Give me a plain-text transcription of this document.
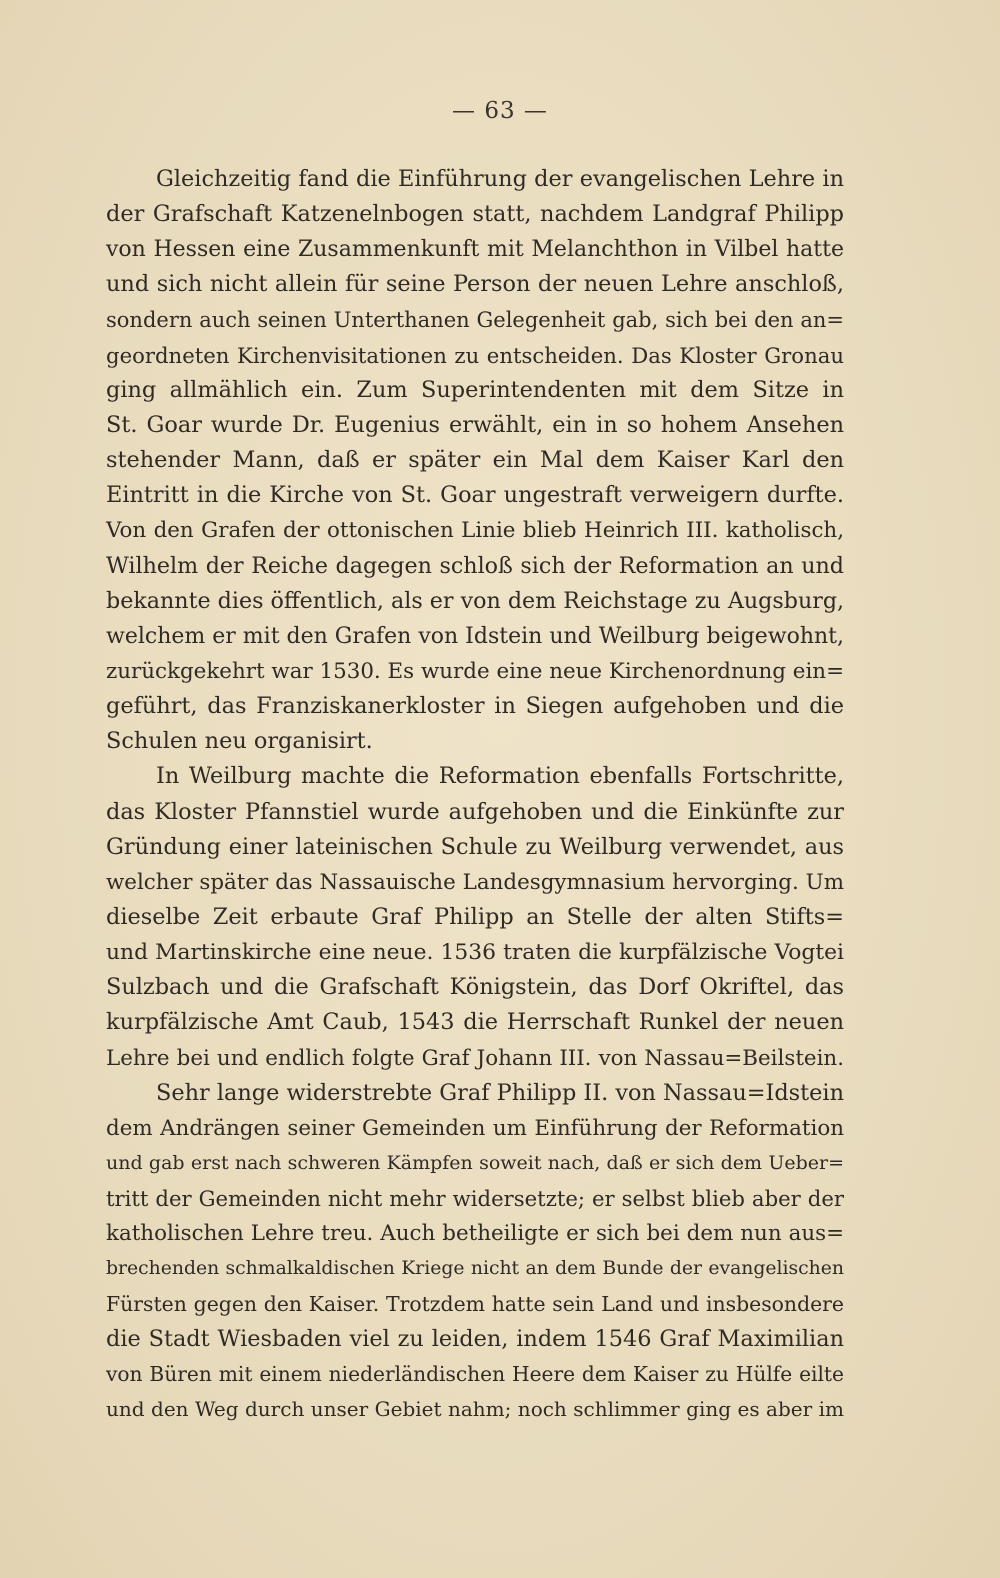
— 63 —
Gleichzeitig fand die Einführung der evangelischen Lehre in
der Grafschaft Katzenelnbogen statt, nachdem Landgraf Philipp
von Hessen eine Zusammenkunft mit Melanchthon in Vilbel hatte
und sich nicht allein für seine Person der neuen Lehre anschloß,
sondern auch seinen Unterthanen Gelegenheit gab, sich bei den an=
geordneten Kirchenvisitationen zu entscheiden. Das Kloster Gronau
ging allmählich ein. Zum Superintendenten mit dem Sitze in
St. Goar wurde Dr. Eugenius erwählt, ein in so hohem Ansehen
stehender Mann, daß er später ein Mal dem Kaiser Karl den
Eintritt in die Kirche von St. Goar ungestraft verweigern durfte.
Von den Grafen der ottonischen Linie blieb Heinrich III. katholisch,
Wilhelm der Reiche dagegen schloß sich der Reformation an und
bekannte dies öffentlich, als er von dem Reichstage zu Augsburg,
welchem er mit den Grafen von Idstein und Weilburg beigewohnt,
zurückgekehrt war 1530. Es wurde eine neue Kirchenordnung ein=
geführt, das Franziskanerkloster in Siegen aufgehoben und die
Schulen neu organisirt.
In Weilburg machte die Reformation ebenfalls Fortschritte,
das Kloster Pfannstiel wurde aufgehoben und die Einkünfte zur
Gründung einer lateinischen Schule zu Weilburg verwendet, aus
welcher später das Nassauische Landesgymnasium hervorging. Um
dieselbe Zeit erbaute Graf Philipp an Stelle der alten Stifts=
und Martinskirche eine neue. 1536 traten die kurpfälzische Vogtei
Sulzbach und die Grafschaft Königstein, das Dorf Okriftel, das
kurpfälzische Amt Caub, 1543 die Herrschaft Runkel der neuen
Lehre bei und endlich folgte Graf Johann III. von Nassau=Beilstein.
Sehr lange widerstrebte Graf Philipp II. von Nassau=Idstein
dem Andrängen seiner Gemeinden um Einführung der Reformation
und gab erst nach schweren Kämpfen soweit nach, daß er sich dem Ueber=
tritt der Gemeinden nicht mehr widersetzte; er selbst blieb aber der
katholischen Lehre treu. Auch betheiligte er sich bei dem nun aus=
brechenden schmalkaldischen Kriege nicht an dem Bunde der evangelischen
Fürsten gegen den Kaiser. Trotzdem hatte sein Land und insbesondere
die Stadt Wiesbaden viel zu leiden, indem 1546 Graf Maximilian
von Büren mit einem niederländischen Heere dem Kaiser zu Hülfe eilte
und den Weg durch unser Gebiet nahm; noch schlimmer ging es aber im
